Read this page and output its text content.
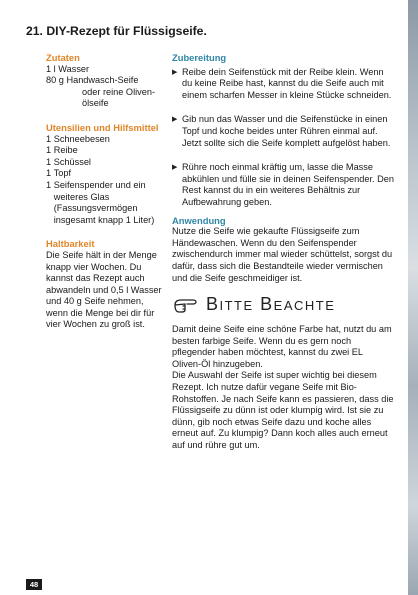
21. DIY-Rezept für Flüssigseife.
Zutaten
1 l
Wasser
80 g
Handwasch-Seife
oder reine Oliven-ölseife
Utensilien und Hilfsmittel
1
Schneebesen
1
Reibe
1
Schüssel
1
Topf
1
Seifenspender und ein weiteres Glas (Fassungsvermögen insgesamt knapp 1 Liter)
Haltbarkeit
Die Seife hält in der Menge knapp vier Wochen. Du kannst das Rezept auch abwandeln und 0,5 l Wasser und 40 g Seife nehmen, wenn die Menge bei dir für vier Wochen zu groß ist.
Zubereitung
▶ Reibe dein Seifenstück mit der Reibe klein. Wenn du keine Reibe hast, kannst du die Seife auch mit einem scharfen Messer in kleine Stücke schneiden.
▶ Gib nun das Wasser und die Seifenstücke in einen Topf und koche beides unter Rühren einmal auf. Jetzt sollte sich die Seife komplett aufgelöst haben.
▶ Rühre noch einmal kräftig um, lasse die Masse abkühlen und fülle sie in deinen Seifenspender. Den Rest kannst du in ein weiteres Behältnis zur Aufbewahrung geben.
Anwendung
Nutze die Seife wie gekaufte Flüssigseife zum Händewaschen. Wenn du den Seifenspender zwischendurch immer mal wieder schüttelst, sorgst du dafür, dass sich die Bestandteile wieder vermischen und die Seife geschmeidiger ist.
Bitte Beachte

Damit deine Seife eine schöne Farbe hat, nutzt du am besten farbige Seife. Wenn du es gern noch pflegender haben möchtest, kannst du zwei EL Oliven-Öl hinzugeben.

Die Auswahl der Seife ist super wichtig bei diesem Rezept. Ich nutze dafür vegane Seife mit Bio-Rohstoffen. Je nach Seife kann es passieren, dass die Flüssigseife zu dünn ist oder klumpig wird. Ist sie zu dünn, gib noch etwas Seife dazu und koche alles erneut auf. Zu klumpig? Dann koch alles auch erneut auf und rühre gut um.

48
